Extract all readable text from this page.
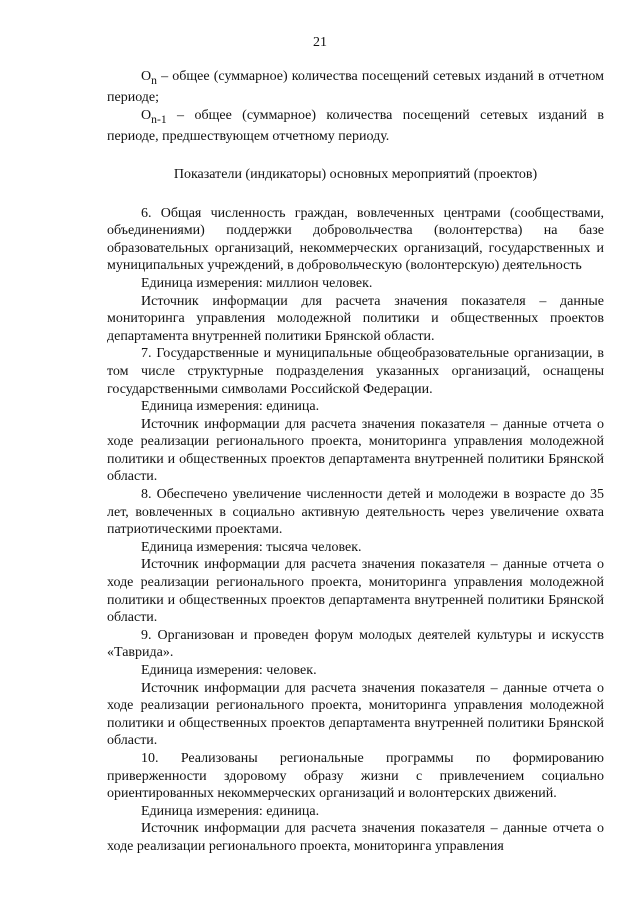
21

$О_n$ – общее (суммарное) количества посещений сетевых изданий в отчетном периоде;

$О_{n-1}$ – общее (суммарное) количества посещений сетевых изданий в периоде, предшествующем отчетному периоду.

Показатели (индикаторы) основных мероприятий (проектов)

6. Общая численность граждан, вовлеченных центрами (сообществами, объединениями) поддержки добровольчества (волонтерства) на базе образовательных организаций, некоммерческих организаций, государственных и муниципальных учреждений, в добровольческую (волонтерскую) деятельность

Единица измерения: миллион человек.

Источник информации для расчета значения показателя – данные мониторинга управления молодежной политики и общественных проектов департамента внутренней политики Брянской области.

7. Государственные и муниципальные общеобразовательные организации, в том числе структурные подразделения указанных организаций, оснащены государственными символами Российской Федерации.

Единица измерения: единица.

Источник информации для расчета значения показателя – данные отчета о ходе реализации регионального проекта, мониторинга управления молодежной политики и общественных проектов департамента внутренней политики Брянской области.

8. Обеспечено увеличение численности детей и молодежи в возрасте до 35 лет, вовлеченных в социально активную деятельность через увеличение охвата патриотическими проектами.

Единица измерения: тысяча человек.

Источник информации для расчета значения показателя – данные отчета о ходе реализации регионального проекта, мониторинга управления молодежной политики и общественных проектов департамента внутренней политики Брянской области.

9. Организован и проведен форум молодых деятелей культуры и искусств «Таврида».

Единица измерения: человек.

Источник информации для расчета значения показателя – данные отчета о ходе реализации регионального проекта, мониторинга управления молодежной политики и общественных проектов департамента внутренней политики Брянской области.

10. Реализованы региональные программы по формированию приверженности здоровому образу жизни с привлечением социально ориентированных некоммерческих организаций и волонтерских движений.

Единица измерения: единица.

Источник информации для расчета значения показателя – данные отчета о ходе реализации регионального проекта, мониторинга управления
